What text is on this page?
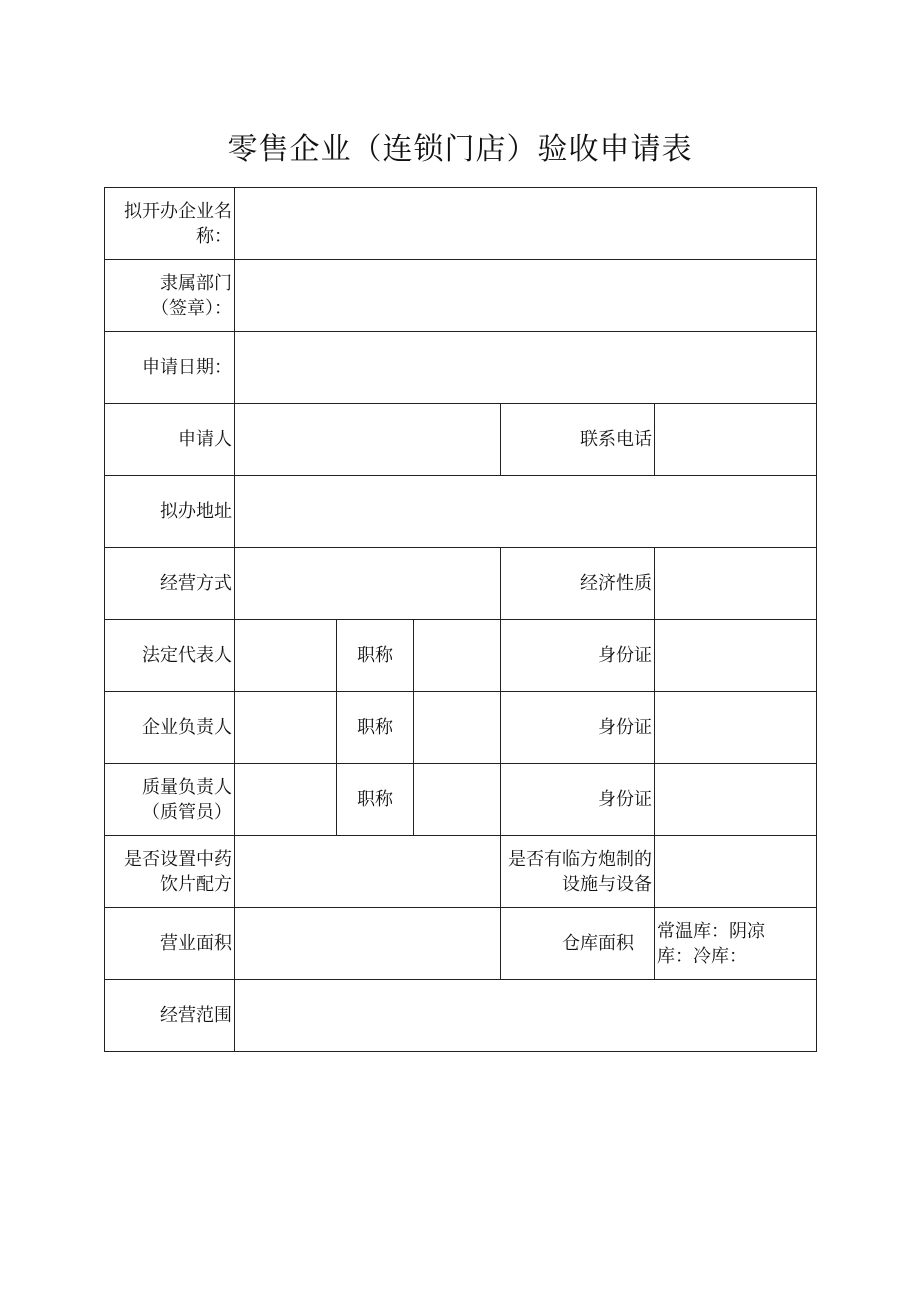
零售企业（连锁门店）验收申请表
拟开办企业名
称：					

隶属部门
（签章）：					

申请日期：					
申请人				联系电话	
拟办地址					
经营方式				经济性质	
法定代表人		职称		身份证	
企业负责人		职称		身份证	

质量负责人
（质管员）		职称		身份证	

是否设置中药
饮片配方				是否有临方炮制的
设施与设备	

营业面积				仓库面积	常温库：阴凉
库：冷库：

经营范围					
